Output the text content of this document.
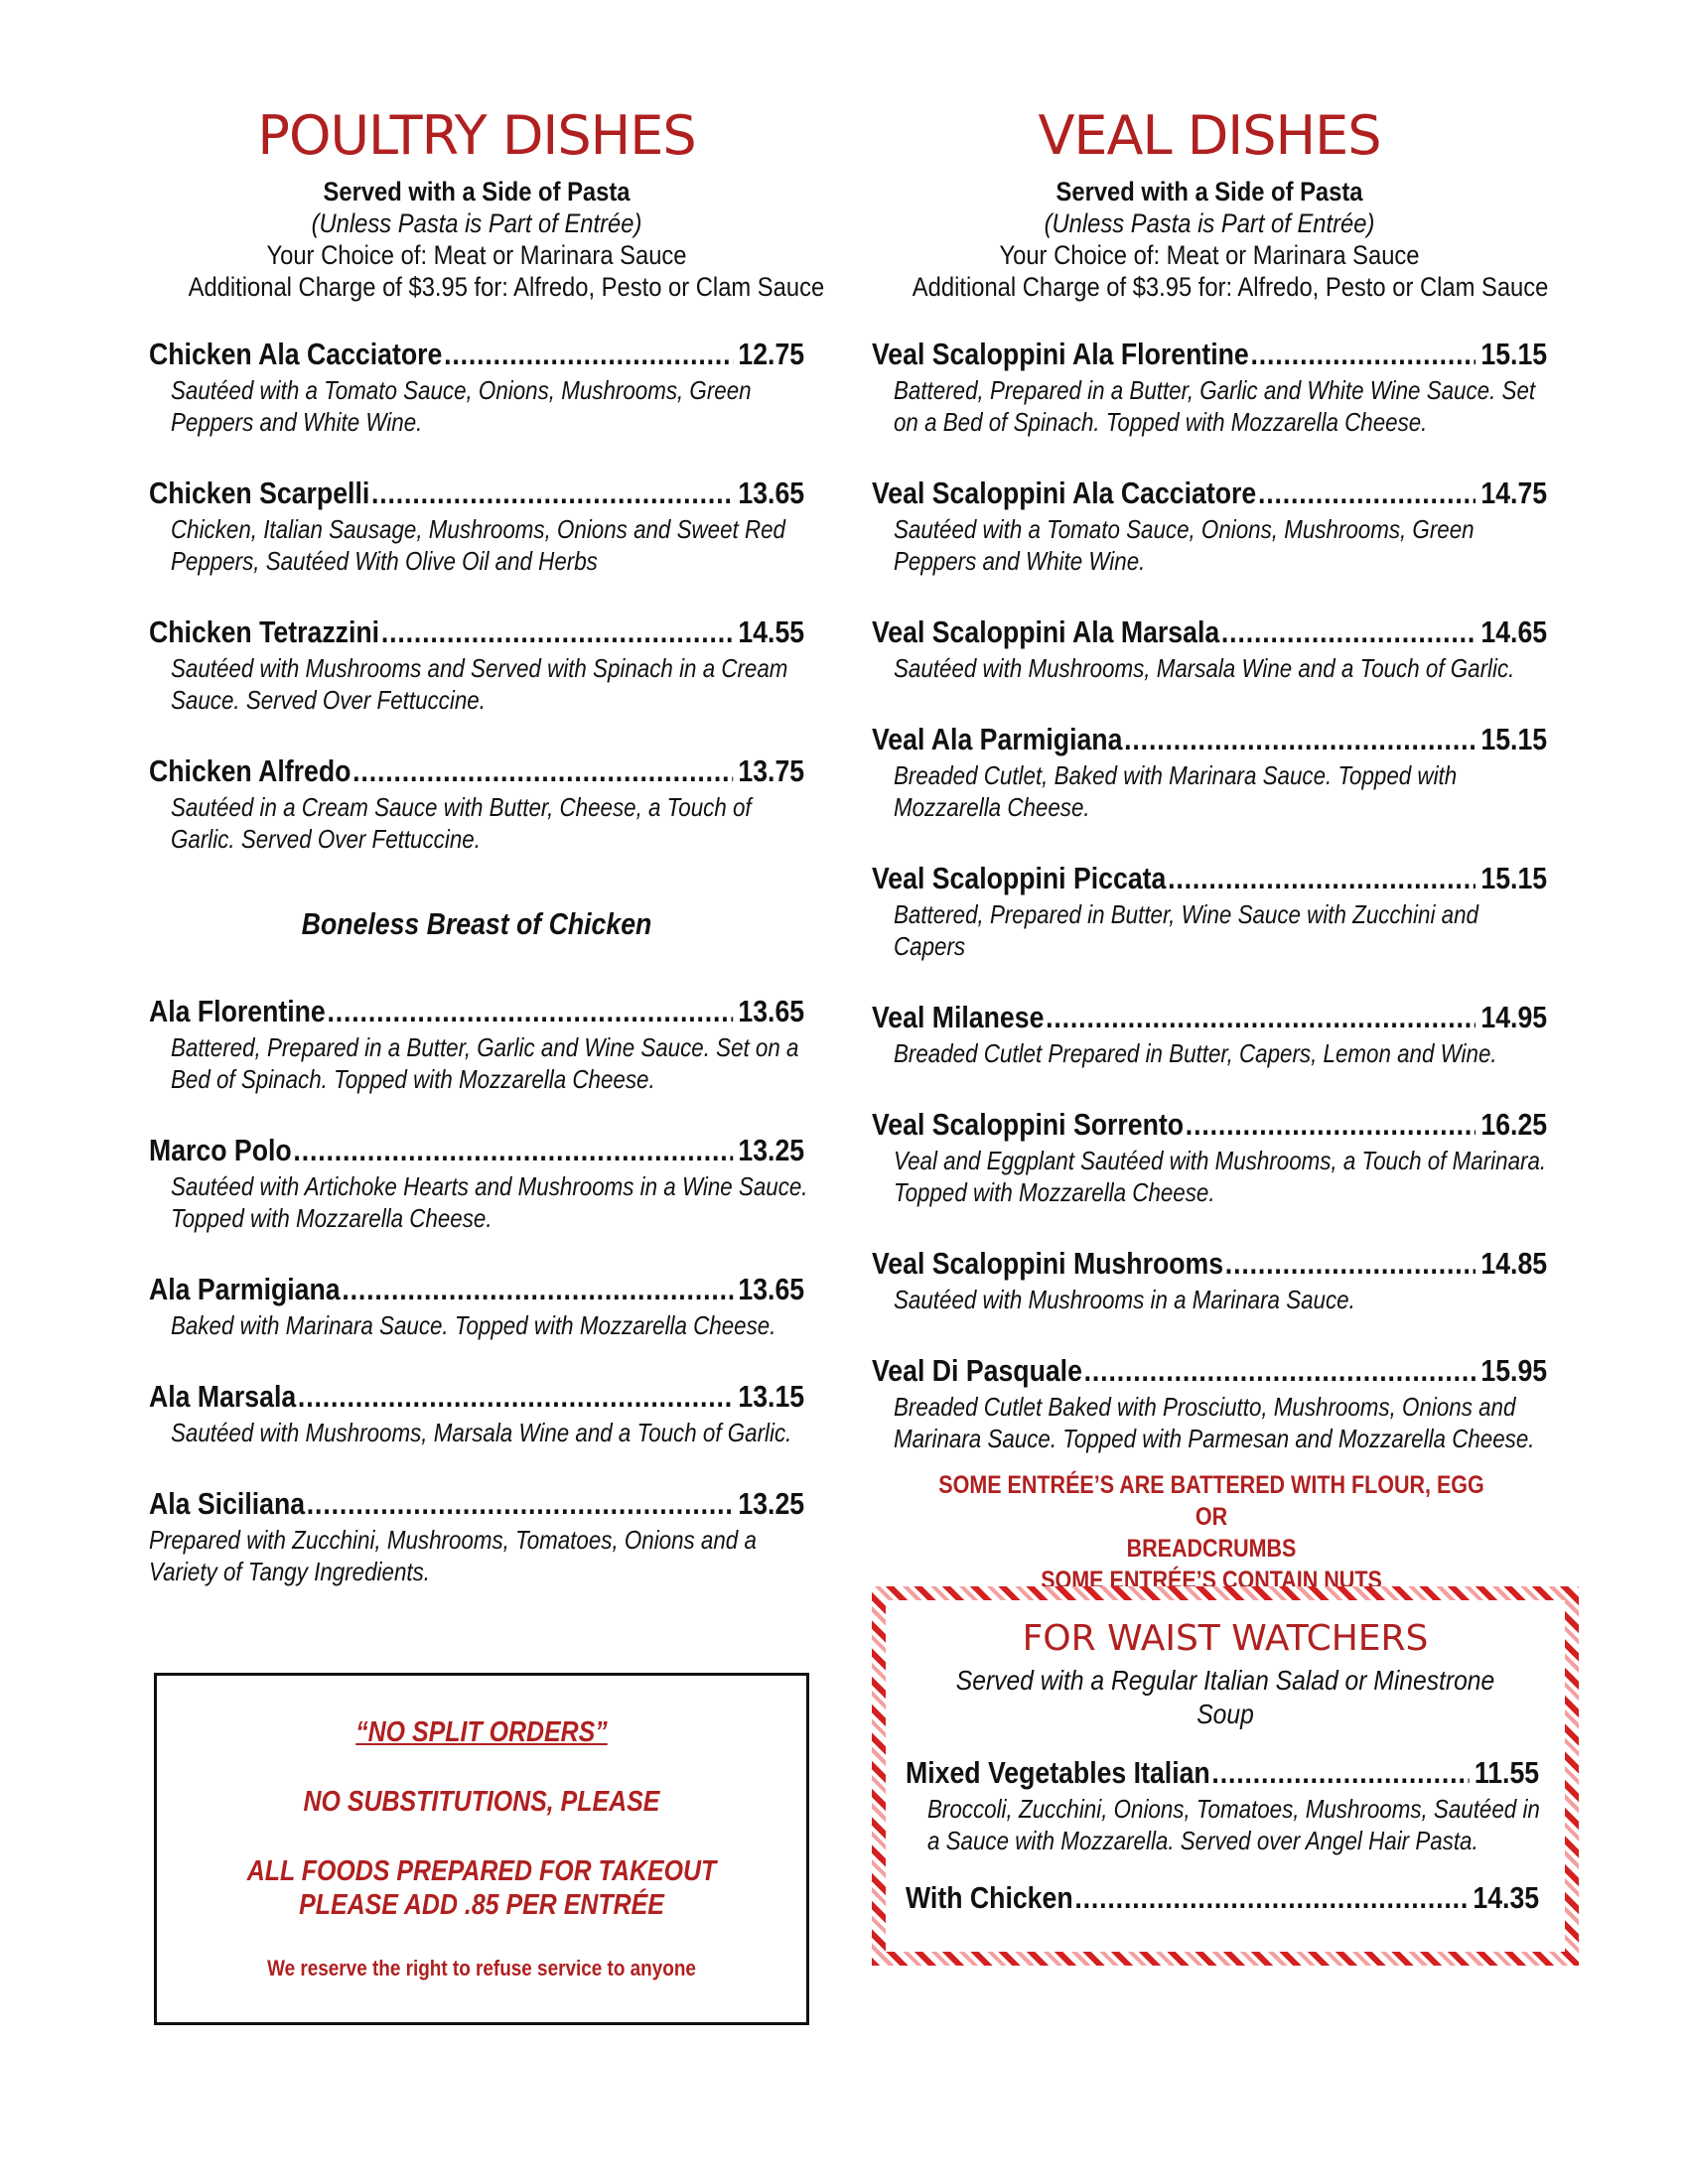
POULTRY DISHES
Served with a Side of Pasta
(Unless Pasta is Part of Entrée)
Your Choice of: Meat or Marinara Sauce
Additional Charge of $3.95 for: Alfredo, Pesto or Clam Sauce
Chicken Ala Cacciatore .....	12.75
Sautéed with a Tomato Sauce, Onions, Mushrooms, Green Peppers and White Wine.
Chicken Scarpelli .....	13.65
Chicken, Italian Sausage, Mushrooms, Onions and Sweet Red Peppers, Sautéed With Olive Oil and Herbs
Chicken Tetrazzini .....	14.55
Sautéed with Mushrooms and Served with Spinach in a Cream Sauce. Served Over Fettuccine.
Chicken Alfredo .....	13.75
Sautéed in a Cream Sauce with Butter, Cheese, a Touch of Garlic. Served Over Fettuccine.
Boneless Breast of Chicken
Ala Florentine .....	13.65
Battered, Prepared in a Butter, Garlic and Wine Sauce. Set on a Bed of Spinach. Topped with Mozzarella Cheese.
Marco Polo .....	13.25
Sautéed with Artichoke Hearts and Mushrooms in a Wine Sauce. Topped with Mozzarella Cheese.
Ala Parmigiana .....	13.65
Baked with Marinara Sauce. Topped with Mozzarella Cheese.
Ala Marsala .....	13.15
Sautéed with Mushrooms, Marsala Wine and a Touch of Garlic.
Ala Siciliana .....	13.25
Prepared with Zucchini, Mushrooms, Tomatoes, Onions and a Variety of Tangy Ingredients.
VEAL DISHES
Served with a Side of Pasta
(Unless Pasta is Part of Entrée)
Your Choice of: Meat or Marinara Sauce
Additional Charge of $3.95 for: Alfredo, Pesto or Clam Sauce
Veal Scaloppini Ala Florentine .....	15.15
Battered, Prepared in a Butter, Garlic and White Wine Sauce. Set on a Bed of Spinach. Topped with Mozzarella Cheese.
Veal Scaloppini Ala Cacciatore .....	14.75
Sautéed with a Tomato Sauce, Onions, Mushrooms, Green Peppers and White Wine.
Veal Scaloppini Ala Marsala .....	14.65
Sautéed with Mushrooms, Marsala Wine and a Touch of Garlic.
Veal Ala Parmigiana .....	15.15
Breaded Cutlet, Baked with Marinara Sauce. Topped with Mozzarella Cheese.
Veal Scaloppini Piccata .....	15.15
Battered, Prepared in Butter, Wine Sauce with Zucchini and Capers
Veal Milanese .....	14.95
Breaded Cutlet Prepared in Butter, Capers, Lemon and Wine.
Veal Scaloppini Sorrento .....	16.25
Veal and Eggplant Sautéed with Mushrooms, a Touch of Marinara. Topped with Mozzarella Cheese.
Veal Scaloppini Mushrooms .....	14.85
Sautéed with Mushrooms in a Marinara Sauce.
Veal Di Pasquale .....	15.95
Breaded Cutlet Baked with Prosciutto, Mushrooms, Onions and Marinara Sauce. Topped with Parmesan and Mozzarella Cheese.
SOME ENTRÉE’S ARE BATTERED WITH FLOUR, EGG OR
BREADCRUMBS
SOME ENTRÉE’S CONTAIN NUTS
“NO SPLIT ORDERS”
NO SUBSTITUTIONS, PLEASE
ALL FOODS PREPARED FOR TAKEOUT
PLEASE ADD .85 PER ENTRÉE
We reserve the right to refuse service to anyone
FOR WAIST WATCHERS
Served with a Regular Italian Salad or Minestrone Soup
Mixed Vegetables Italian .....	11.55
Broccoli, Zucchini, Onions, Tomatoes, Mushrooms, Sautéed in a Sauce with Mozzarella. Served over Angel Hair Pasta.
With Chicken .....	14.35
